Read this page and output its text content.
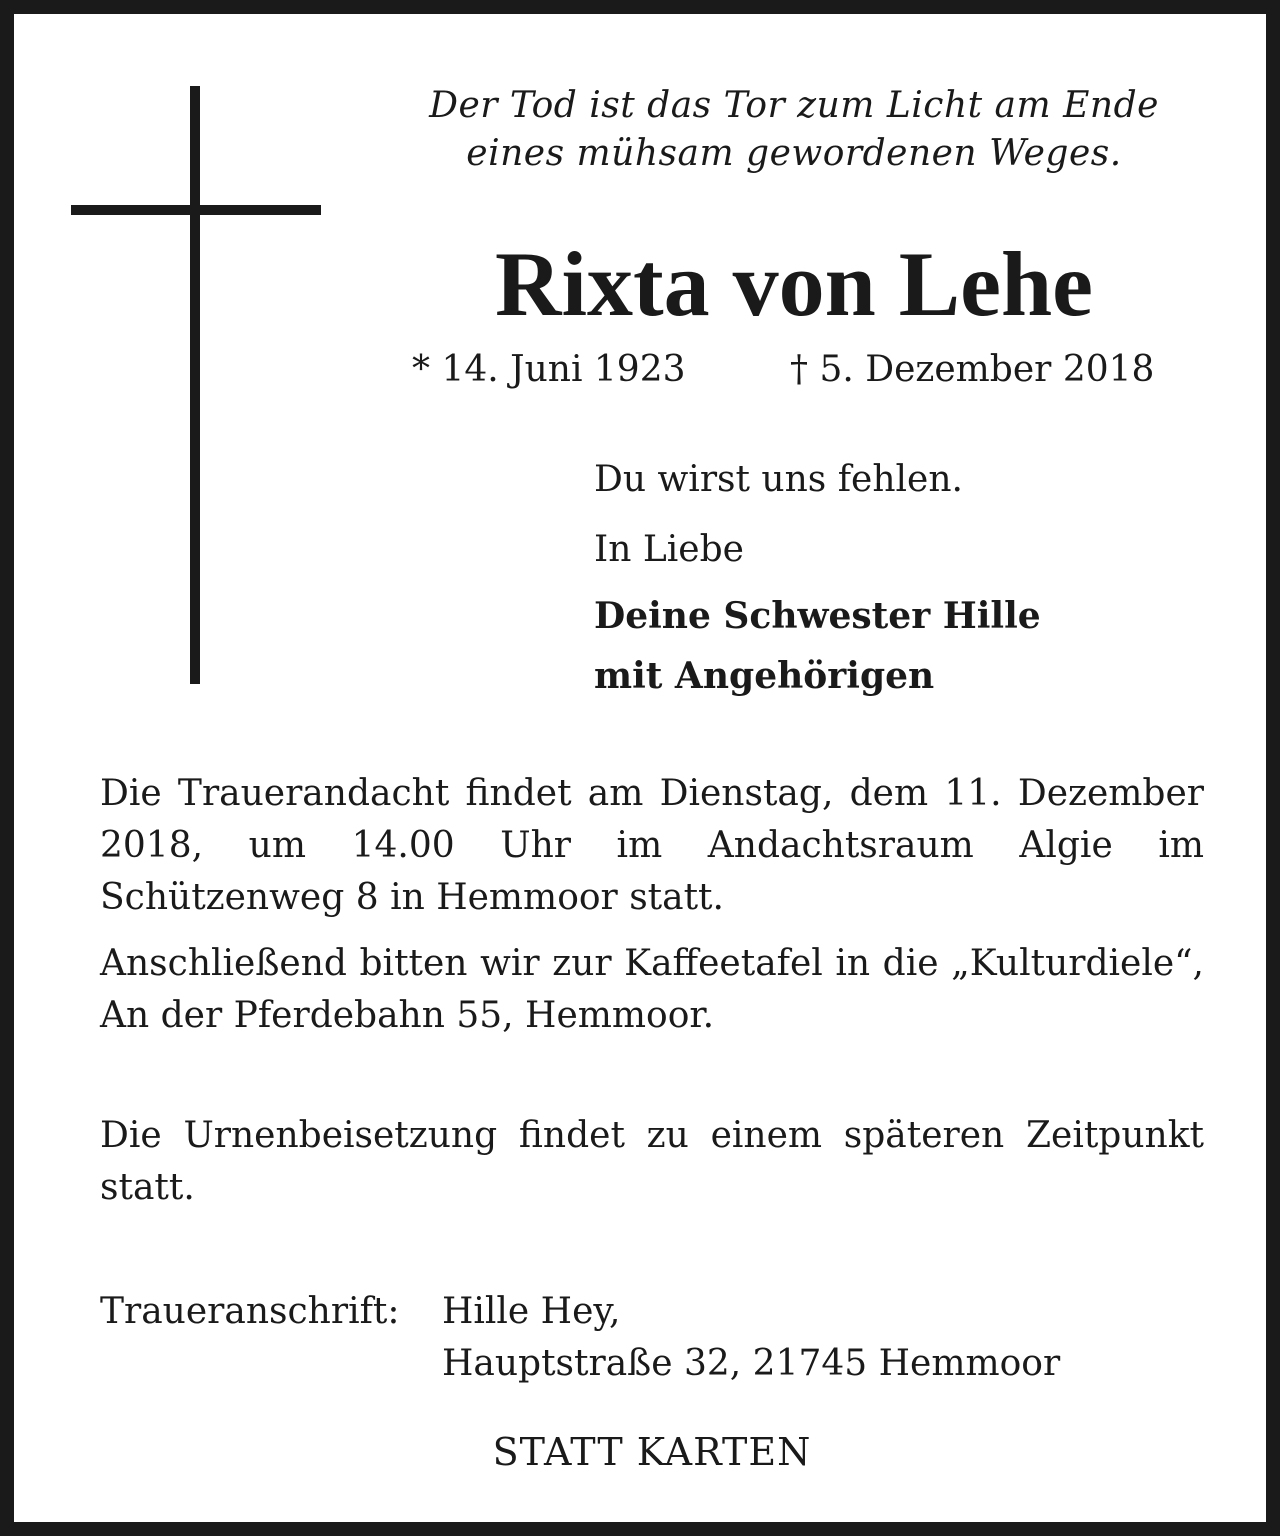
Der Tod ist das Tor zum Licht am Ende
eines mühsam gewordenen Weges.
Rixta von Lehe
* 14. Juni 1923	† 5. Dezember 2018
Du wirst uns fehlen.
In Liebe
Deine Schwester Hille
mit Angehörigen
Die Trauerandacht findet am Dienstag, dem 11. Dezember 2018, um 14.00 Uhr im Andachtsraum Algie im Schützenweg 8 in Hemmoor statt.
Anschließend bitten wir zur Kaffeetafel in die „Kulturdiele“, An der Pferdebahn 55, Hemmoor.
Die Urnenbeisetzung findet zu einem späteren Zeitpunkt statt.
Traueranschrift: Hille Hey,
Hauptstraße 32, 21745 Hemmoor
STATT KARTEN
